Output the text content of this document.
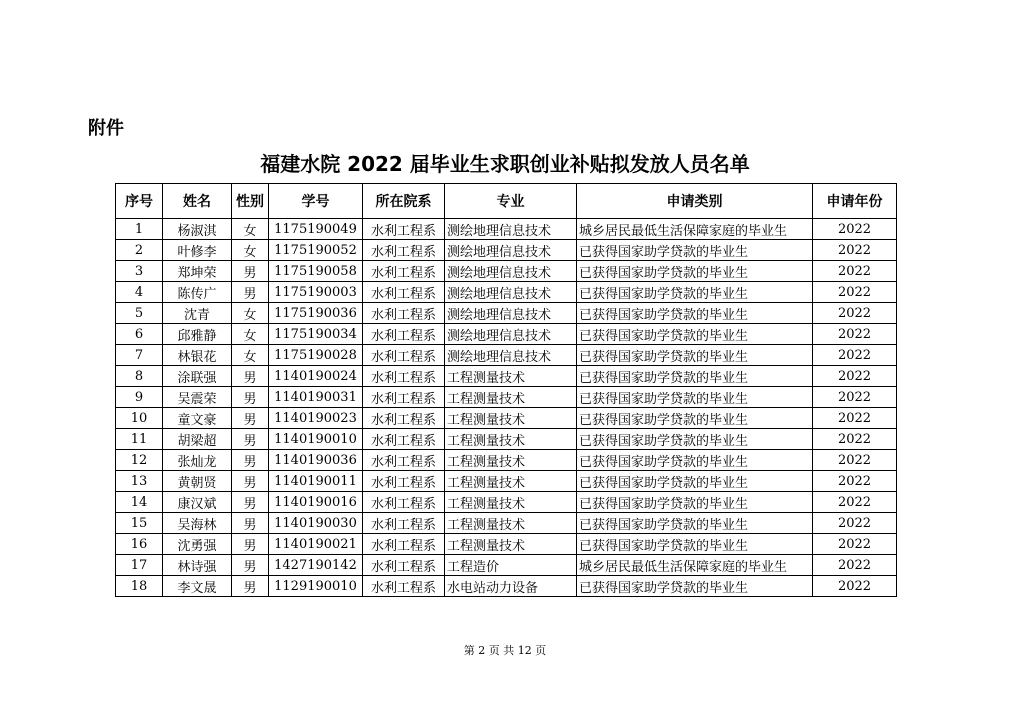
附件
福建水院 2022 届毕业生求职创业补贴拟发放人员名单
序号	姓名	性别	学号	所在院系	专业	申请类别	申请年份
1	杨淑淇	女	1175190049	水利工程系	测绘地理信息技术	城乡居民最低生活保障家庭的毕业生	2022
2	叶修李	女	1175190052	水利工程系	测绘地理信息技术	已获得国家助学贷款的毕业生	2022
3	郑坤荣	男	1175190058	水利工程系	测绘地理信息技术	已获得国家助学贷款的毕业生	2022
4	陈传广	男	1175190003	水利工程系	测绘地理信息技术	已获得国家助学贷款的毕业生	2022
5	沈青	女	1175190036	水利工程系	测绘地理信息技术	已获得国家助学贷款的毕业生	2022
6	邱雅静	女	1175190034	水利工程系	测绘地理信息技术	已获得国家助学贷款的毕业生	2022
7	林银花	女	1175190028	水利工程系	测绘地理信息技术	已获得国家助学贷款的毕业生	2022
8	涂联强	男	1140190024	水利工程系	工程测量技术	已获得国家助学贷款的毕业生	2022
9	吴震荣	男	1140190031	水利工程系	工程测量技术	已获得国家助学贷款的毕业生	2022
10	童文豪	男	1140190023	水利工程系	工程测量技术	已获得国家助学贷款的毕业生	2022
11	胡梁超	男	1140190010	水利工程系	工程测量技术	已获得国家助学贷款的毕业生	2022
12	张灿龙	男	1140190036	水利工程系	工程测量技术	已获得国家助学贷款的毕业生	2022
13	黄朝贤	男	1140190011	水利工程系	工程测量技术	已获得国家助学贷款的毕业生	2022
14	康汉斌	男	1140190016	水利工程系	工程测量技术	已获得国家助学贷款的毕业生	2022
15	吴海林	男	1140190030	水利工程系	工程测量技术	已获得国家助学贷款的毕业生	2022
16	沈勇强	男	1140190021	水利工程系	工程测量技术	已获得国家助学贷款的毕业生	2022
17	林诗强	男	1427190142	水利工程系	工程造价	城乡居民最低生活保障家庭的毕业生	2022
18	李文晟	男	1129190010	水利工程系	水电站动力设备	已获得国家助学贷款的毕业生	2022
第 2 页 共 12 页
